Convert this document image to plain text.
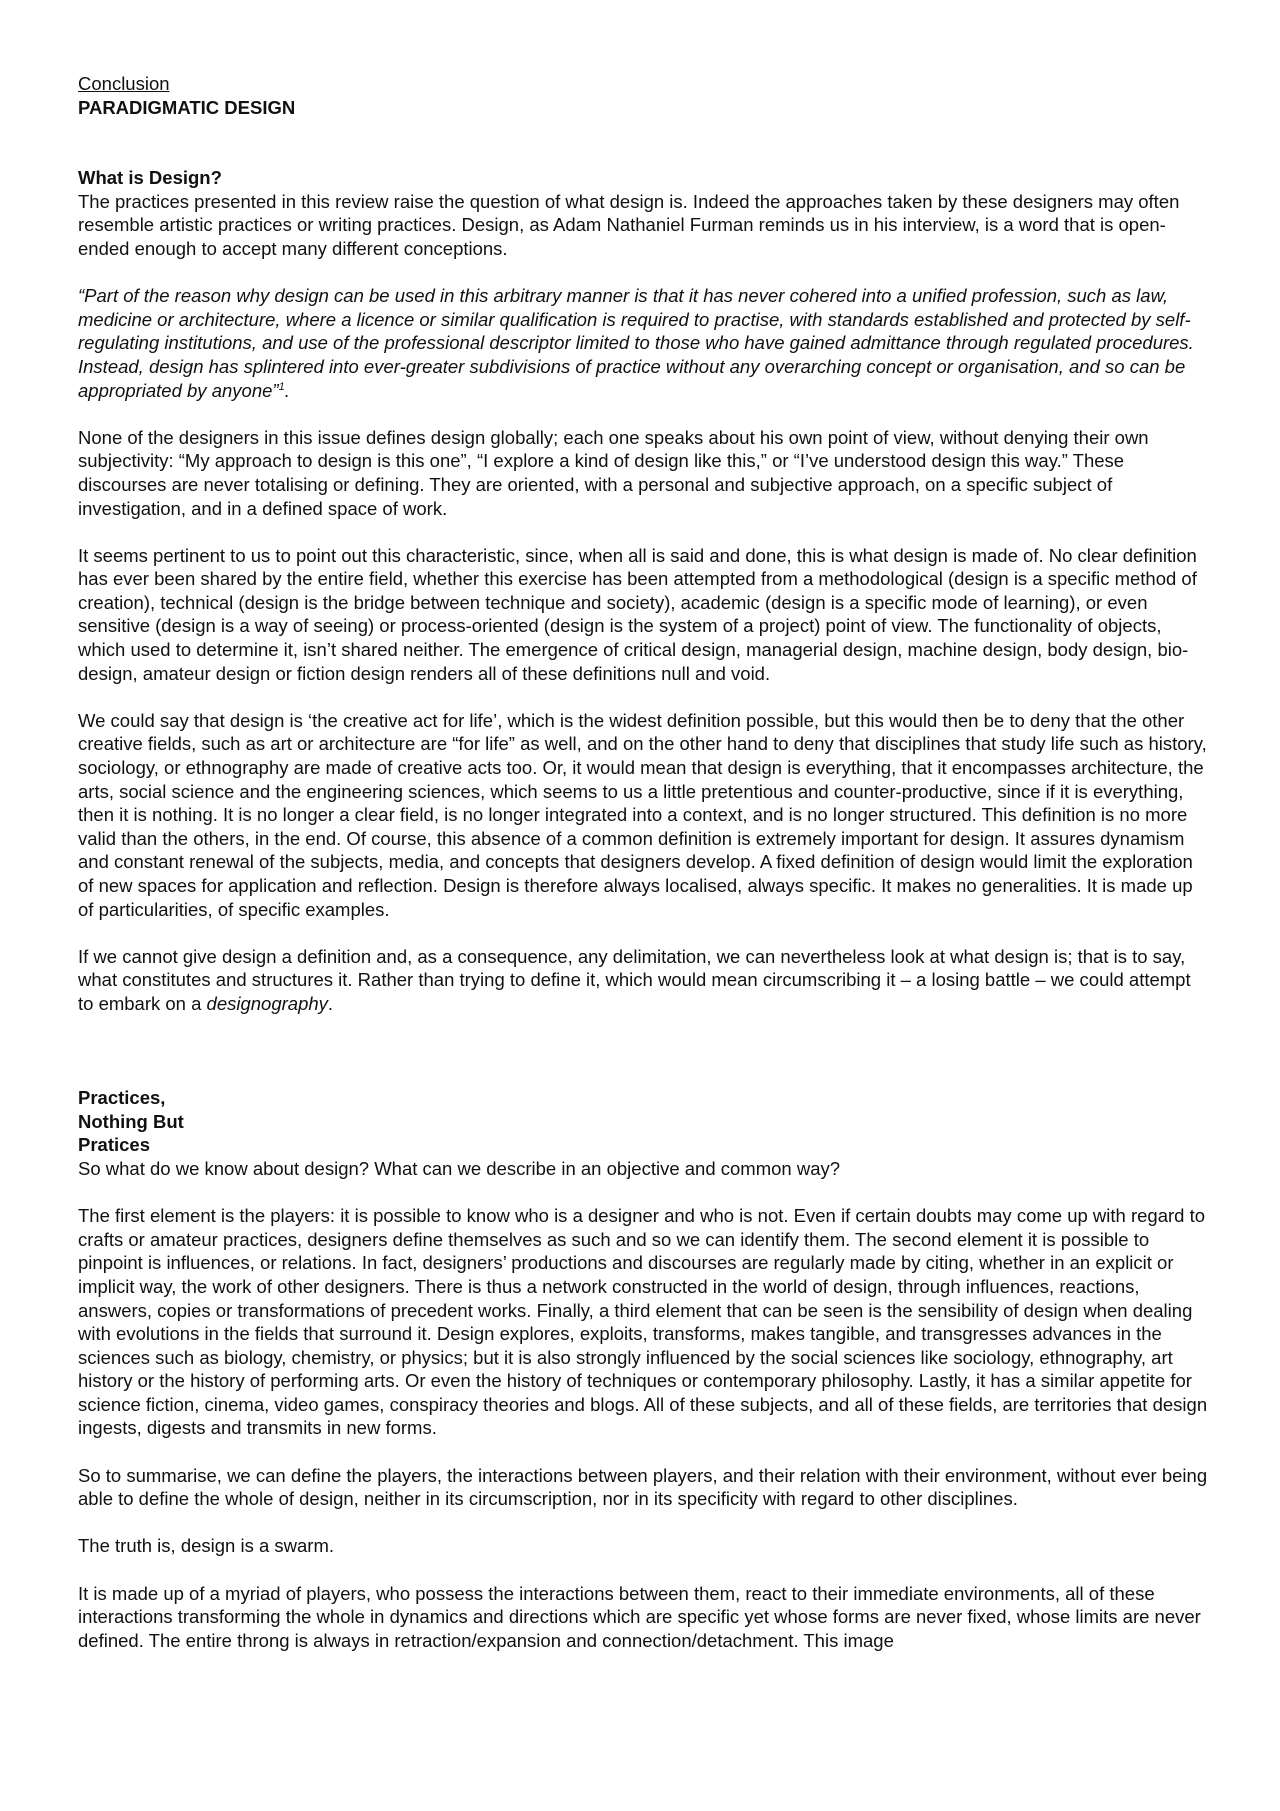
Conclusion
PARADIGMATIC DESIGN

What is Design?

The practices presented in this review raise the question of what design is. Indeed the approaches taken by these designers may often resemble artistic practices or writing practices. Design, as Adam Nathaniel Furman reminds us in his interview, is a word that is open-ended enough to accept many different conceptions.

“Part of the reason why design can be used in this arbitrary manner is that it has never cohered into a unified profession, such as law, medicine or architecture, where a licence or similar qualification is required to practise, with standards established and protected by self-regulating institutions, and use of the professional descriptor limited to those who have gained admittance through regulated procedures. Instead, design has splintered into ever-greater subdivisions of practice without any overarching concept or organisation, and so can be appropriated by anyone”$^1$.

None of the designers in this issue defines design globally; each one speaks about his own point of view, without denying their own subjectivity: “My approach to design is this one”, “I explore a kind of design like this,” or “I’ve understood design this way.” These discourses are never totalising or defining. They are oriented, with a personal and subjective approach, on a specific subject of investigation, and in a defined space of work.

It seems pertinent to us to point out this characteristic, since, when all is said and done, this is what design is made of. No clear definition has ever been shared by the entire field, whether this exercise has been attempted from a methodological (design is a specific method of creation), technical (design is the bridge between technique and society), academic (design is a specific mode of learning), or even sensitive (design is a way of seeing) or process-oriented (design is the system of a project) point of view. The functionality of objects, which used to determine it, isn’t shared neither. The emergence of critical design, managerial design, machine design, body design, bio-design, amateur design or fiction design renders all of these definitions null and void.

We could say that design is ‘the creative act for life’, which is the widest definition possible, but this would then be to deny that the other creative fields, such as art or architecture are “for life” as well, and on the other hand to deny that disciplines that study life such as history, sociology, or ethnography are made of creative acts too. Or, it would mean that design is everything, that it encompasses architecture, the arts, social science and the engineering sciences, which seems to us a little pretentious and counter-productive, since if it is everything, then it is nothing. It is no longer a clear field, is no longer integrated into a context, and is no longer structured. This definition is no more valid than the others, in the end. Of course, this absence of a common definition is extremely important for design. It assures dynamism and constant renewal of the subjects, media, and concepts that designers develop. A fixed definition of design would limit the exploration of new spaces for application and reflection. Design is therefore always localised, always specific. It makes no generalities. It is made up of particularities, of specific examples.

If we cannot give design a definition and, as a consequence, any delimitation, we can nevertheless look at what design is; that is to say, what constitutes and structures it. Rather than trying to define it, which would mean circumscribing it – a losing battle – we could attempt to embark on a designography.

Practices,

Nothing But

Pratices

So what do we know about design? What can we describe in an objective and common way?

The first element is the players: it is possible to know who is a designer and who is not. Even if certain doubts may come up with regard to crafts or amateur practices, designers define themselves as such and so we can identify them. The second element it is possible to pinpoint is influences, or relations. In fact, designers’ productions and discourses are regularly made by citing, whether in an explicit or implicit way, the work of other designers. There is thus a network constructed in the world of design, through influences, reactions, answers, copies or transformations of precedent works. Finally, a third element that can be seen is the sensibility of design when dealing with evolutions in the fields that surround it. Design explores, exploits, transforms, makes tangible, and transgresses advances in the sciences such as biology, chemistry, or physics; but it is also strongly influenced by the social sciences like sociology, ethnography, art history or the history of performing arts. Or even the history of techniques or contemporary philosophy. Lastly, it has a similar appetite for science fiction, cinema, video games, conspiracy theories and blogs. All of these subjects, and all of these fields, are territories that design ingests, digests and transmits in new forms.

So to summarise, we can define the players, the interactions between players, and their relation with their environment, without ever being able to define the whole of design, neither in its circumscription, nor in its specificity with regard to other disciplines.

The truth is, design is a swarm.

It is made up of a myriad of players, who possess the interactions between them, react to their immediate environments, all of these interactions transforming the whole in dynamics and directions which are specific yet whose forms are never fixed, whose limits are never defined. The entire throng is always in retraction/expansion and connection/detachment. This image
